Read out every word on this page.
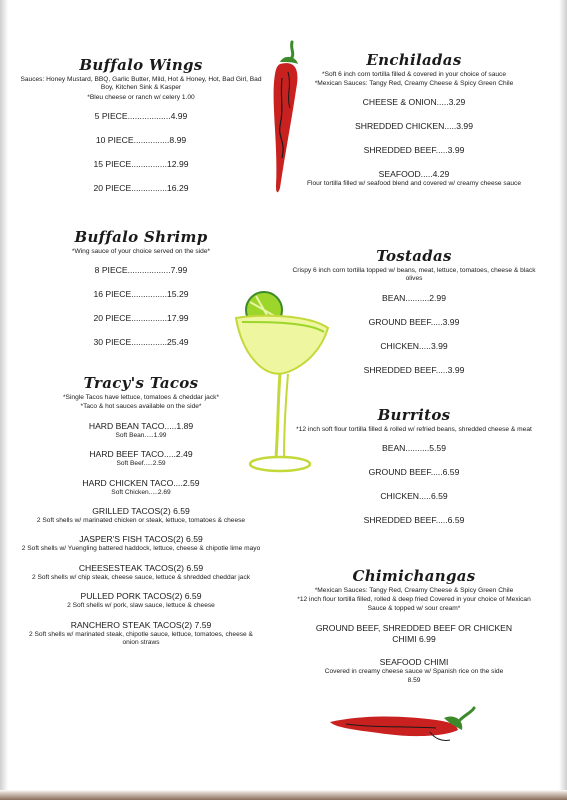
Buffalo Wings
Sauces: Honey Mustard, BBQ, Garlic Butter, Mild, Hot & Honey, Hot, Bad Girl, Bad Boy, Kitchen Sink & Kasper
*Bleu cheese or ranch w/ celery 1.00
5 PIECE..................4.99
10 PIECE...............8.99
15 PIECE...............12.99
20 PIECE...............16.29
Buffalo Shrimp
*Wing sauce of your choice served on the side*
8 PIECE..................7.99
16 PIECE...............15.29
20 PIECE...............17.99
30 PIECE...............25.49
Tracy's Tacos
*Single Tacos have lettuce, tomatoes & cheddar jack*
*Taco & hot sauces available on the side*
HARD BEAN TACO.....1.89
Soft Bean.....1.99
HARD BEEF TACO.....2.49
Soft Beef.....2.59
HARD CHICKEN TACO....2.59
Soft Chicken.....2.69
GRILLED TACOS(2) 6.59
2 Soft shells w/ marinated chicken or steak, lettuce, tomatoes & cheese
JASPER'S FISH TACOS(2) 6.59
2 Soft shells w/ Yuengling battered haddock, lettuce, cheese & chipotle lime mayo
CHEESESTEAK TACOS(2) 6.59
2 Soft shells w/ chip steak, cheese sauce, lettuce & shredded cheddar jack
PULLED PORK TACOS(2) 6.59
2 Soft shells w/ pork, slaw sauce, lettuce & cheese
RANCHERO STEAK TACOS(2) 7.59
2 Soft shells w/ marinated steak, chipotle sauce, lettuce, tomatoes, cheese & onion straws
Enchiladas
*Soft 6 inch corn tortilla filled & covered in your choice of sauce
*Mexican Sauces: Tangy Red, Creamy Cheese & Spicy Green Chile
CHEESE & ONION.....3.29
SHREDDED CHICKEN.....3.99
SHREDDED BEEF.....3.99
SEAFOOD.....4.29
Flour tortilla filled w/ seafood blend and covered w/ creamy cheese sauce
Tostadas
Crispy 6 inch corn tortilla topped w/ beans, meat, lettuce, tomatoes, cheese & black olives
BEAN..........2.99
GROUND BEEF.....3.99
CHICKEN.....3.99
SHREDDED BEEF.....3.99
Burritos
*12 inch soft flour tortilla filled & rolled w/ refried beans, shredded cheese & meat
BEAN..........5.59
GROUND BEEF.....6.59
CHICKEN.....6.59
SHREDDED BEEF.....6.59
Chimichangas
*Mexican Sauces: Tangy Red, Creamy Cheese & Spicy Green Chile
*12 inch flour tortilla filled, rolled & deep fried Covered in your choice of Mexican Sauce & topped w/ sour cream*
GROUND BEEF, SHREDDED BEEF OR CHICKEN
CHIMI 6.99
SEAFOOD CHIMI
Covered in creamy cheese sauce w/ Spanish rice on the side
8.59
